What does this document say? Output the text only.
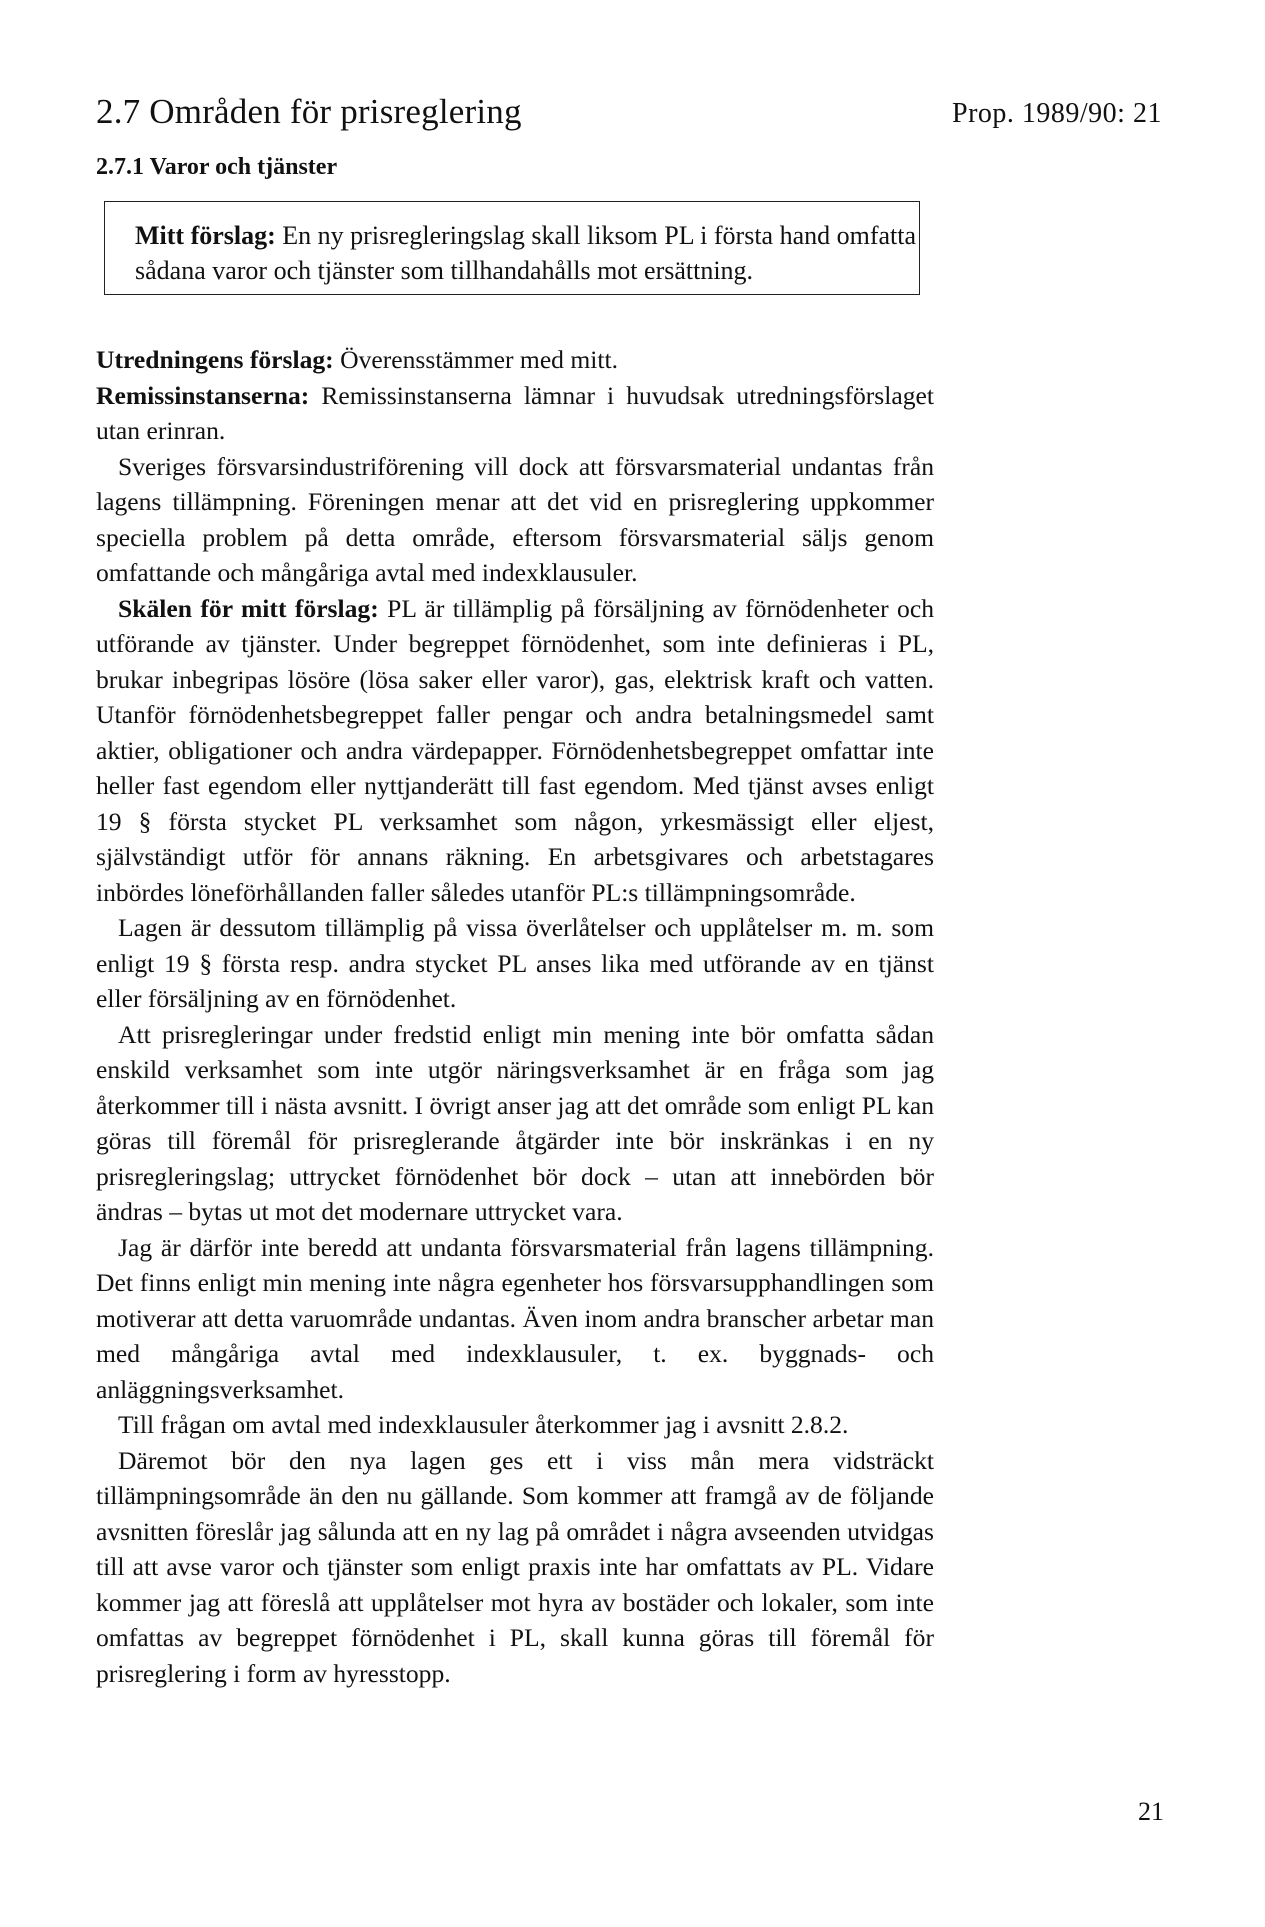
2.7 Områden för prisreglering	Prop. 1989/90: 21
2.7.1 Varor och tjänster
Mitt förslag: En ny prisregleringslag skall liksom PL i första hand omfatta sådana varor och tjänster som tillhandahålls mot ersättning.

Utredningens förslag: Överensstämmer med mitt.

Remissinstanserna: Remissinstanserna lämnar i huvudsak utredningsförslaget utan erinran.

Sveriges försvarsindustriförening vill dock att försvarsmaterial undantas från lagens tillämpning. Föreningen menar att det vid en prisreglering uppkommer speciella problem på detta område, eftersom försvarsmaterial säljs genom omfattande och mångåriga avtal med indexklausuler.

Skälen för mitt förslag: PL är tillämplig på försäljning av förnödenheter och utförande av tjänster. Under begreppet förnödenhet, som inte definieras i PL, brukar inbegripas lösöre (lösa saker eller varor), gas, elektrisk kraft och vatten. Utanför förnödenhetsbegreppet faller pengar och andra betalningsmedel samt aktier, obligationer och andra värdepapper. Förnödenhetsbegreppet omfattar inte heller fast egendom eller nyttjanderätt till fast egendom. Med tjänst avses enligt 19 § första stycket PL verksamhet som någon, yrkesmässigt eller eljest, självständigt utför för annans räkning. En arbetsgivares och arbetstagares inbördes löneförhållanden faller således utanför PL:s tillämpningsområde.

Lagen är dessutom tillämplig på vissa överlåtelser och upplåtelser m. m. som enligt 19 § första resp. andra stycket PL anses lika med utförande av en tjänst eller försäljning av en förnödenhet.

Att prisregleringar under fredstid enligt min mening inte bör omfatta sådan enskild verksamhet som inte utgör näringsverksamhet är en fråga som jag återkommer till i nästa avsnitt. I övrigt anser jag att det område som enligt PL kan göras till föremål för prisreglerande åtgärder inte bör inskränkas i en ny prisregleringslag; uttrycket förnödenhet bör dock – utan att innebörden bör ändras – bytas ut mot det modernare uttrycket vara.

Jag är därför inte beredd att undanta försvarsmaterial från lagens tillämpning. Det finns enligt min mening inte några egenheter hos försvarsupphandlingen som motiverar att detta varuområde undantas. Även inom andra branscher arbetar man med mångåriga avtal med indexklausuler, t. ex. byggnads- och anläggningsverksamhet.

Till frågan om avtal med indexklausuler återkommer jag i avsnitt 2.8.2.

Däremot bör den nya lagen ges ett i viss mån mera vidsträckt tillämpningsområde än den nu gällande. Som kommer att framgå av de följande avsnitten föreslår jag sålunda att en ny lag på området i några avseenden utvidgas till att avse varor och tjänster som enligt praxis inte har omfattats av PL. Vidare kommer jag att föreslå att upplåtelser mot hyra av bostäder och lokaler, som inte omfattas av begreppet förnödenhet i PL, skall kunna göras till föremål för prisreglering i form av hyresstopp.

21
